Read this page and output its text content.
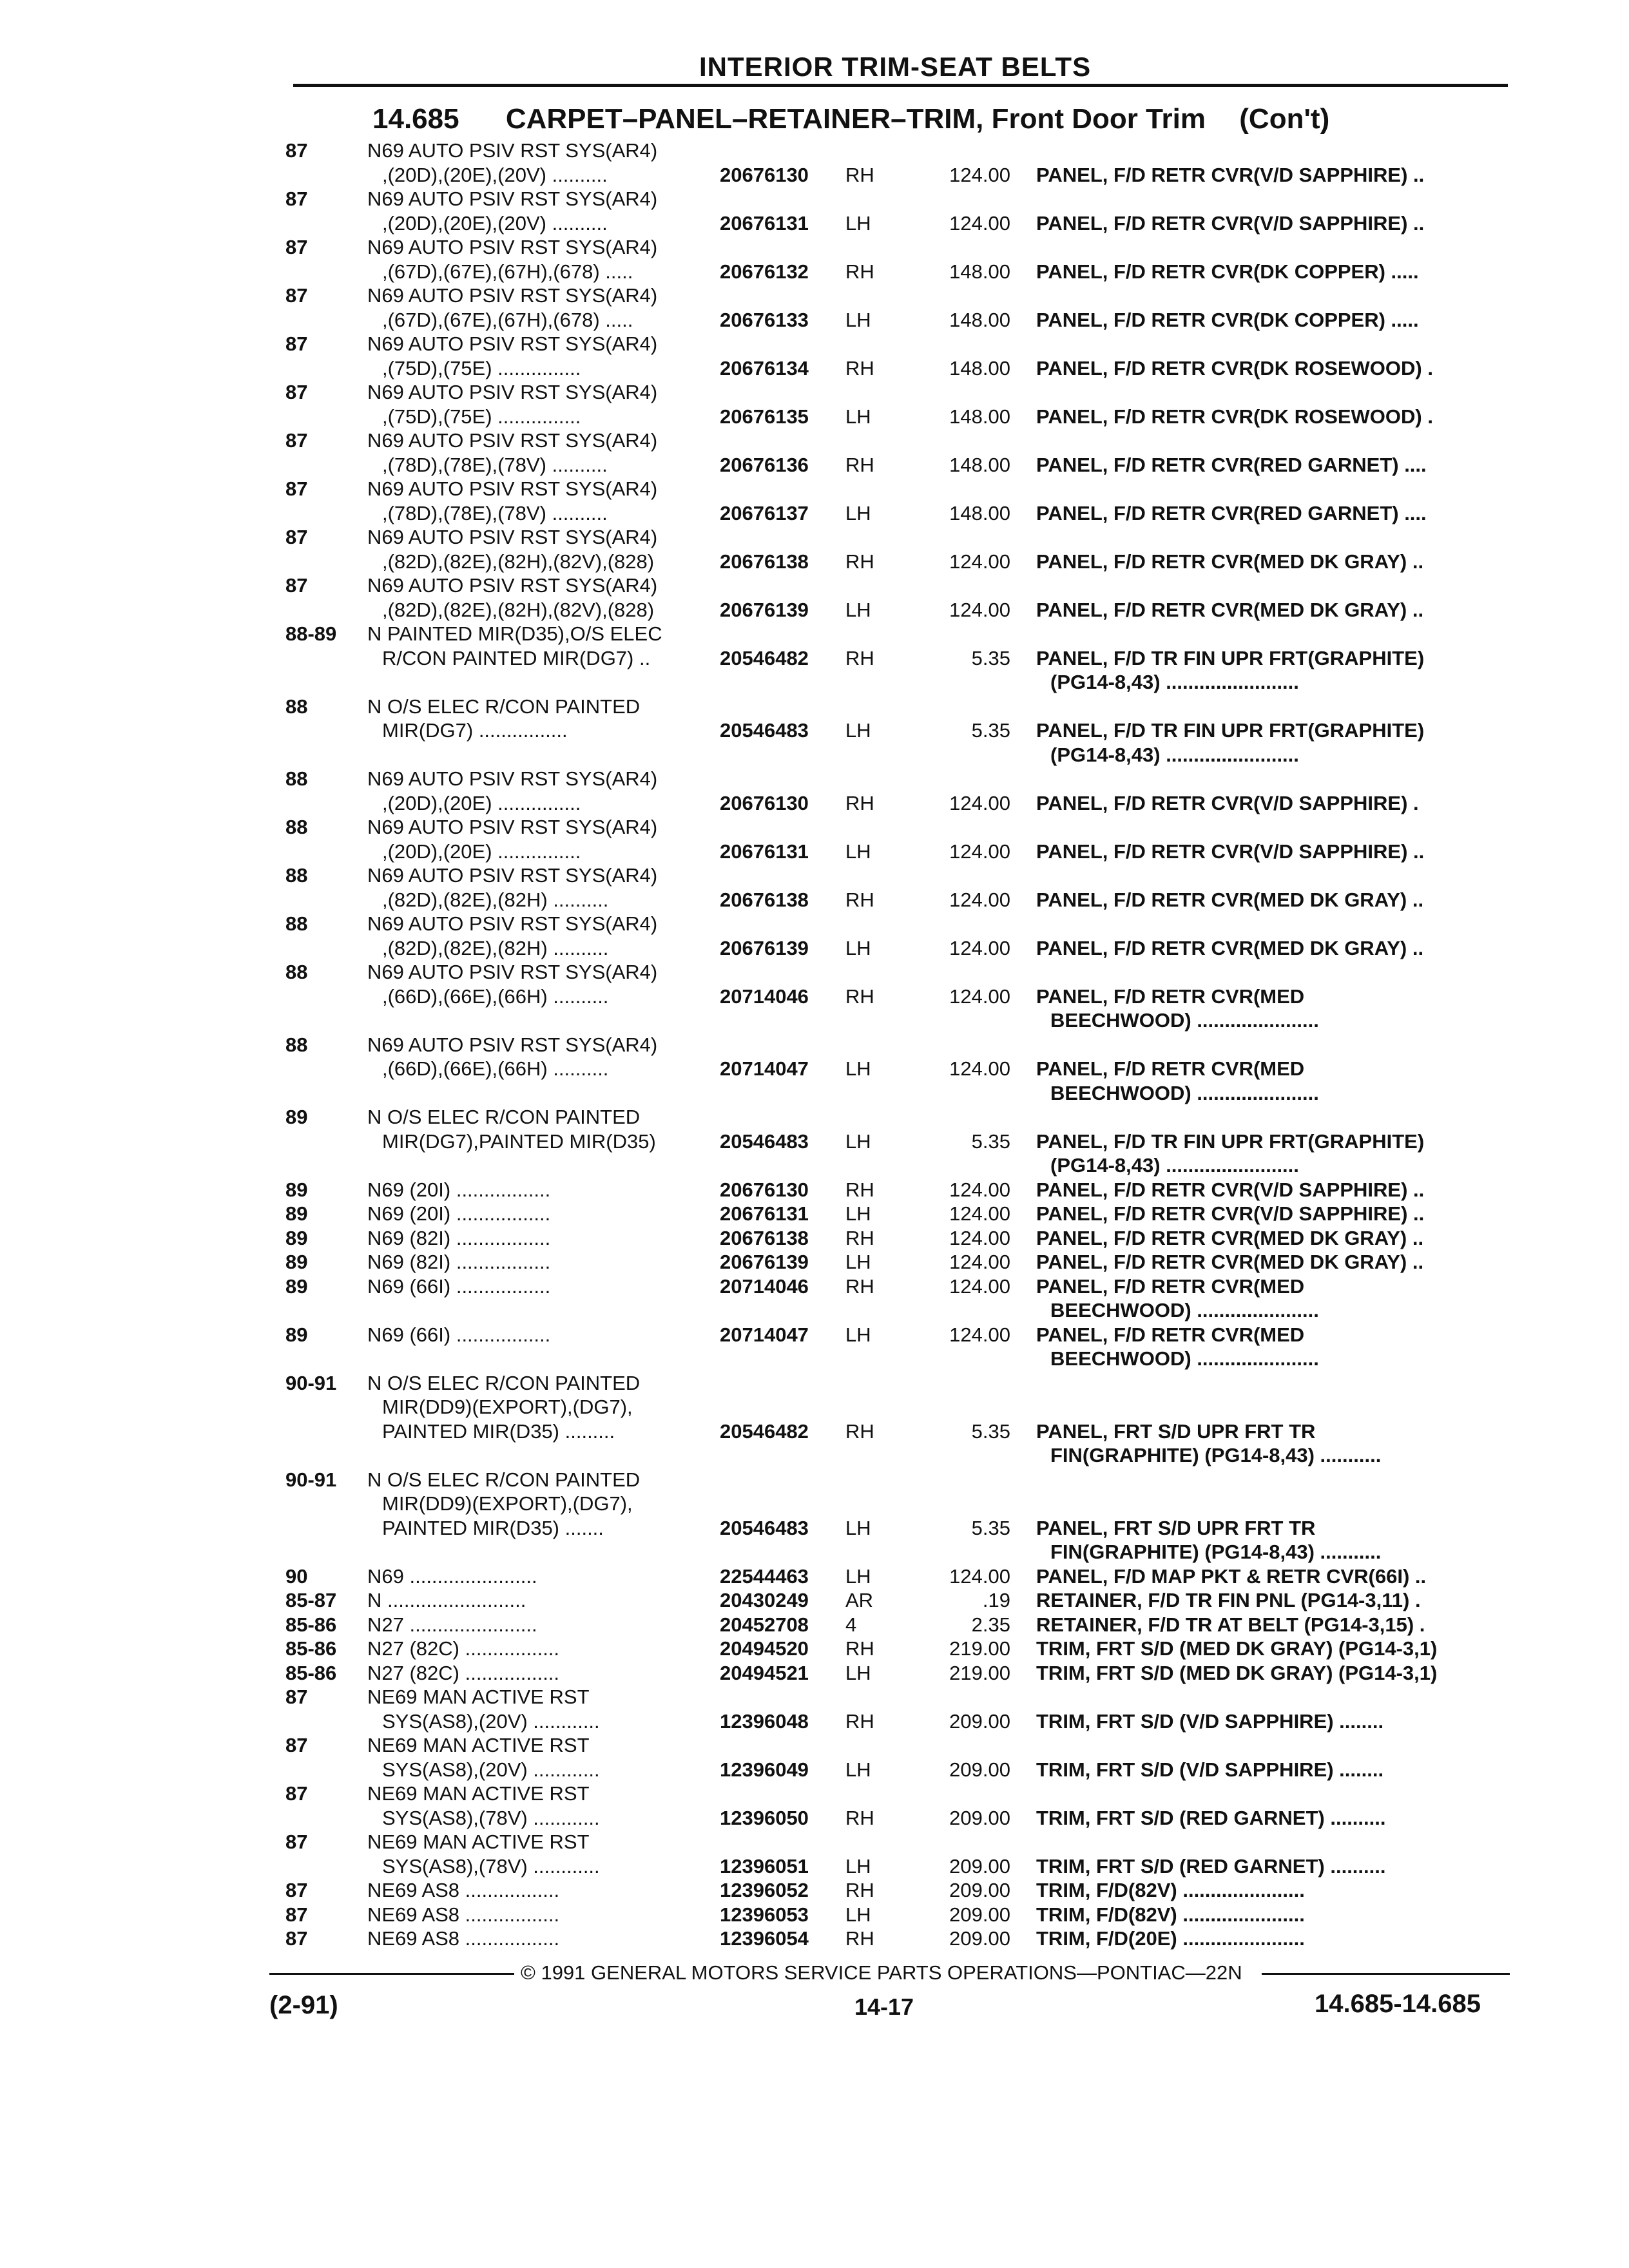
INTERIOR TRIM-SEAT BELTS
14.685 CARPET–PANEL–RETAINER–TRIM, Front Door Trim (Con't)
87	N69 AUTO PSIV RST SYS(AR4)
,(20D),(20E),(20V) ..........	20676130 RH	124.00 PANEL, F/D RETR CVR(V/D SAPPHIRE) ..
87	N69 AUTO PSIV RST SYS(AR4)
,(20D),(20E),(20V) ..........	20676131 LH	124.00 PANEL, F/D RETR CVR(V/D SAPPHIRE) ..
87	N69 AUTO PSIV RST SYS(AR4)
,(67D),(67E),(67H),(678) .....	20676132 RH	148.00 PANEL, F/D RETR CVR(DK COPPER) .....
87	N69 AUTO PSIV RST SYS(AR4)
,(67D),(67E),(67H),(678) .....	20676133 LH	148.00 PANEL, F/D RETR CVR(DK COPPER) .....
87	N69 AUTO PSIV RST SYS(AR4)
,(75D),(75E) ...............	20676134 RH	148.00 PANEL, F/D RETR CVR(DK ROSEWOOD) .
87	N69 AUTO PSIV RST SYS(AR4)
,(75D),(75E) ...............	20676135 LH	148.00 PANEL, F/D RETR CVR(DK ROSEWOOD) .
87	N69 AUTO PSIV RST SYS(AR4)
,(78D),(78E),(78V) ..........	20676136 RH	148.00 PANEL, F/D RETR CVR(RED GARNET) ....
87	N69 AUTO PSIV RST SYS(AR4)
,(78D),(78E),(78V) ..........	20676137 LH	148.00 PANEL, F/D RETR CVR(RED GARNET) ....
87	N69 AUTO PSIV RST SYS(AR4)
,(82D),(82E),(82H),(82V),(828)	20676138 RH	124.00 PANEL, F/D RETR CVR(MED DK GRAY) ..
87	N69 AUTO PSIV RST SYS(AR4)
,(82D),(82E),(82H),(82V),(828)	20676139 LH	124.00 PANEL, F/D RETR CVR(MED DK GRAY) ..
88-89 N PAINTED MIR(D35),O/S ELEC
R/CON PAINTED MIR(DG7) ..	20546482 RH	5.35 PANEL, F/D TR FIN UPR FRT(GRAPHITE)
(PG14-8,43) ........................
88	N O/S ELEC R/CON PAINTED
MIR(DG7) ................	20546483 LH	5.35 PANEL, F/D TR FIN UPR FRT(GRAPHITE)
(PG14-8,43) ........................
88	N69 AUTO PSIV RST SYS(AR4)
,(20D),(20E) ...............	20676130 RH	124.00 PANEL, F/D RETR CVR(V/D SAPPHIRE) .
88	N69 AUTO PSIV RST SYS(AR4)
,(20D),(20E) ...............	20676131 LH	124.00 PANEL, F/D RETR CVR(V/D SAPPHIRE) ..
88	N69 AUTO PSIV RST SYS(AR4)
,(82D),(82E),(82H) ..........	20676138 RH	124.00 PANEL, F/D RETR CVR(MED DK GRAY) ..
88	N69 AUTO PSIV RST SYS(AR4)
,(82D),(82E),(82H) ..........	20676139 LH	124.00 PANEL, F/D RETR CVR(MED DK GRAY) ..
88	N69 AUTO PSIV RST SYS(AR4)
,(66D),(66E),(66H) ..........	20714046 RH	124.00 PANEL, F/D RETR CVR(MED
BEECHWOOD) ......................
88	N69 AUTO PSIV RST SYS(AR4)
,(66D),(66E),(66H) ..........	20714047 LH	124.00 PANEL, F/D RETR CVR(MED
BEECHWOOD) ......................
89	N O/S ELEC R/CON PAINTED
MIR(DG7),PAINTED MIR(D35)	20546483 LH	5.35 PANEL, F/D TR FIN UPR FRT(GRAPHITE)
(PG14-8,43) ........................
89	N69 (20I) .................	20676130 RH	124.00 PANEL, F/D RETR CVR(V/D SAPPHIRE) ..
89	N69 (20I) .................	20676131 LH	124.00 PANEL, F/D RETR CVR(V/D SAPPHIRE) ..
89	N69 (82I) .................	20676138 RH	124.00 PANEL, F/D RETR CVR(MED DK GRAY) ..
89	N69 (82I) .................	20676139 LH	124.00 PANEL, F/D RETR CVR(MED DK GRAY) ..
89	N69 (66I) .................	20714046 RH	124.00 PANEL, F/D RETR CVR(MED
BEECHWOOD) ......................
89	N69 (66I) .................	20714047 LH	124.00 PANEL, F/D RETR CVR(MED
BEECHWOOD) ......................
90-91 N O/S ELEC R/CON PAINTED
MIR(DD9)(EXPORT),(DG7),
PAINTED MIR(D35) .........	20546482 RH	5.35 PANEL, FRT S/D UPR FRT TR
FIN(GRAPHITE) (PG14-8,43) ...........
90-91 N O/S ELEC R/CON PAINTED
MIR(DD9)(EXPORT),(DG7),
PAINTED MIR(D35) .......	20546483 LH	5.35 PANEL, FRT S/D UPR FRT TR
FIN(GRAPHITE) (PG14-8,43) ...........
90	N69 .......................	22544463 LH	124.00 PANEL, F/D MAP PKT & RETR CVR(66I) ..
85-87 N .........................	20430249 AR	.19 RETAINER, F/D TR FIN PNL (PG14-3,11) .
85-86 N27 .......................	20452708 4	2.35 RETAINER, F/D TR AT BELT (PG14-3,15) .
85-86 N27 (82C) .................	20494520 RH	219.00 TRIM, FRT S/D (MED DK GRAY) (PG14-3,1)
85-86 N27 (82C) .................	20494521 LH	219.00 TRIM, FRT S/D (MED DK GRAY) (PG14-3,1)
87	NE69 MAN ACTIVE RST
SYS(AS8),(20V) ............	12396048 RH	209.00 TRIM, FRT S/D (V/D SAPPHIRE) ........
87	NE69 MAN ACTIVE RST
SYS(AS8),(20V) ............	12396049 LH	209.00 TRIM, FRT S/D (V/D SAPPHIRE) ........
87	NE69 MAN ACTIVE RST
SYS(AS8),(78V) ............	12396050 RH	209.00 TRIM, FRT S/D (RED GARNET) ..........
87	NE69 MAN ACTIVE RST
SYS(AS8),(78V) ............	12396051 LH	209.00 TRIM, FRT S/D (RED GARNET) ..........
87	NE69 AS8 .................	12396052 RH	209.00 TRIM, F/D(82V) ......................
87	NE69 AS8 .................	12396053 LH	209.00 TRIM, F/D(82V) ......................
87	NE69 AS8 .................	12396054 RH	209.00 TRIM, F/D(20E) ......................
© 1991 GENERAL MOTORS SERVICE PARTS OPERATIONS—PONTIAC—22N
(2-91)	14-17	14.685-14.685
